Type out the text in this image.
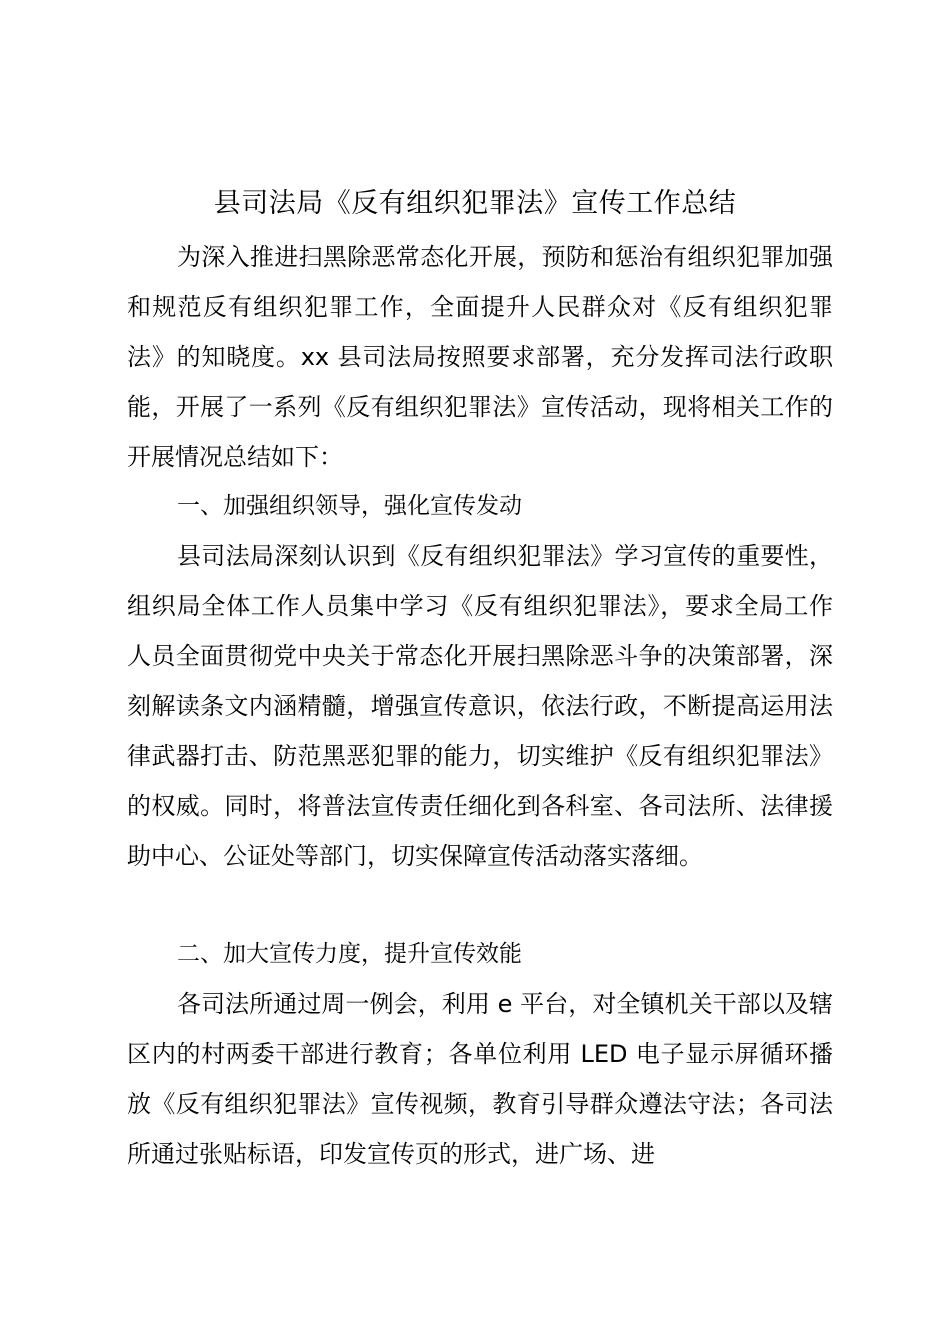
县司法局《反有组织犯罪法》宣传工作总结

为深入推进扫黑除恶常态化开展，预防和惩治有组织犯罪加强和规范反有组织犯罪工作，全面提升人民群众对《反有组织犯罪法》的知晓度。xx 县司法局按照要求部署，充分发挥司法行政职能，开展了一系列《反有组织犯罪法》宣传活动，现将相关工作的开展情况总结如下：

一、加强组织领导，强化宣传发动

县司法局深刻认识到《反有组织犯罪法》学习宣传的重要性，组织局全体工作人员集中学习《反有组织犯罪法》，要求全局工作人员全面贯彻党中央关于常态化开展扫黑除恶斗争的决策部署，深刻解读条文内涵精髓，增强宣传意识，依法行政，不断提高运用法律武器打击、防范黑恶犯罪的能力，切实维护《反有组织犯罪法》的权威。同时，将普法宣传责任细化到各科室、各司法所、法律援助中心、公证处等部门，切实保障宣传活动落实落细。

二、加大宣传力度，提升宣传效能

各司法所通过周一例会，利用 e 平台，对全镇机关干部以及辖区内的村两委干部进行教育；各单位利用 LED 电子显示屏循环播放《反有组织犯罪法》宣传视频，教育引导群众遵法守法；各司法所通过张贴标语，印发宣传页的形式，进广场、进
